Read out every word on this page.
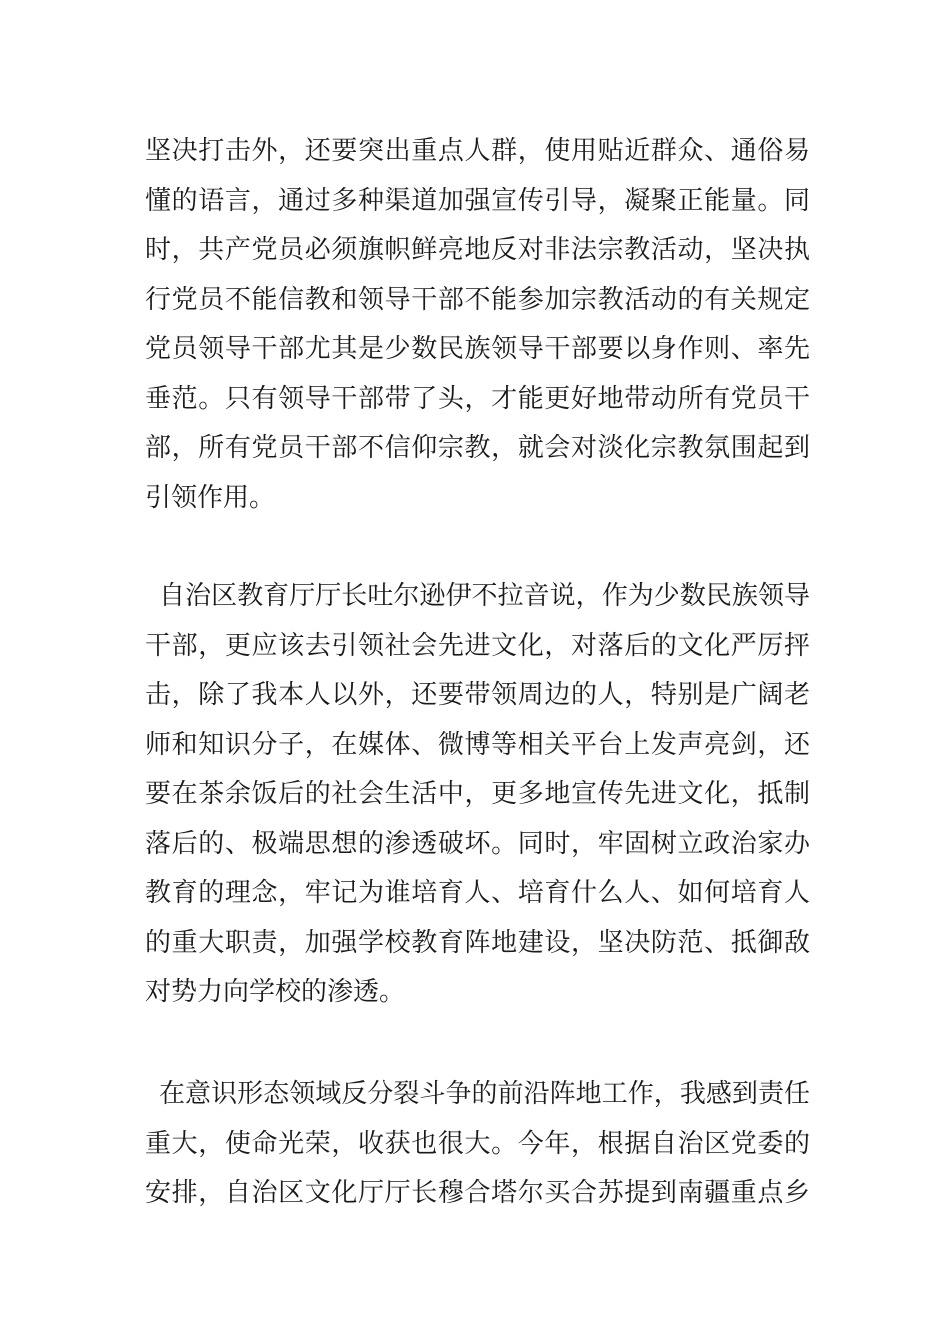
坚决打击外，还要突出重点人群，使用贴近群众、通俗易
懂的语言，通过多种渠道加强宣传引导，凝聚正能量。同
时，共产党员必须旗帜鲜亮地反对非法宗教活动，坚决执
行党员不能信教和领导干部不能参加宗教活动的有关规定
党员领导干部尤其是少数民族领导干部要以身作则、率先
垂范。只有领导干部带了头，才能更好地带动所有党员干
部，所有党员干部不信仰宗教，就会对淡化宗教氛围起到
引领作用。
自治区教育厅厅长吐尔逊伊不拉音说，作为少数民族领导
干部，更应该去引领社会先进文化，对落后的文化严厉抨
击，除了我本人以外，还要带领周边的人，特别是广阔老
师和知识分子，在媒体、微博等相关平台上发声亮剑，还
要在茶余饭后的社会生活中，更多地宣传先进文化，抵制
落后的、极端思想的渗透破坏。同时，牢固树立政治家办
教育的理念，牢记为谁培育人、培育什么人、如何培育人
的重大职责，加强学校教育阵地建设，坚决防范、抵御敌
对势力向学校的渗透。
在意识形态领域反分裂斗争的前沿阵地工作，我感到责任
重大，使命光荣，收获也很大。今年，根据自治区党委的
安排，自治区文化厅厅长穆合塔尔买合苏提到南疆重点乡
